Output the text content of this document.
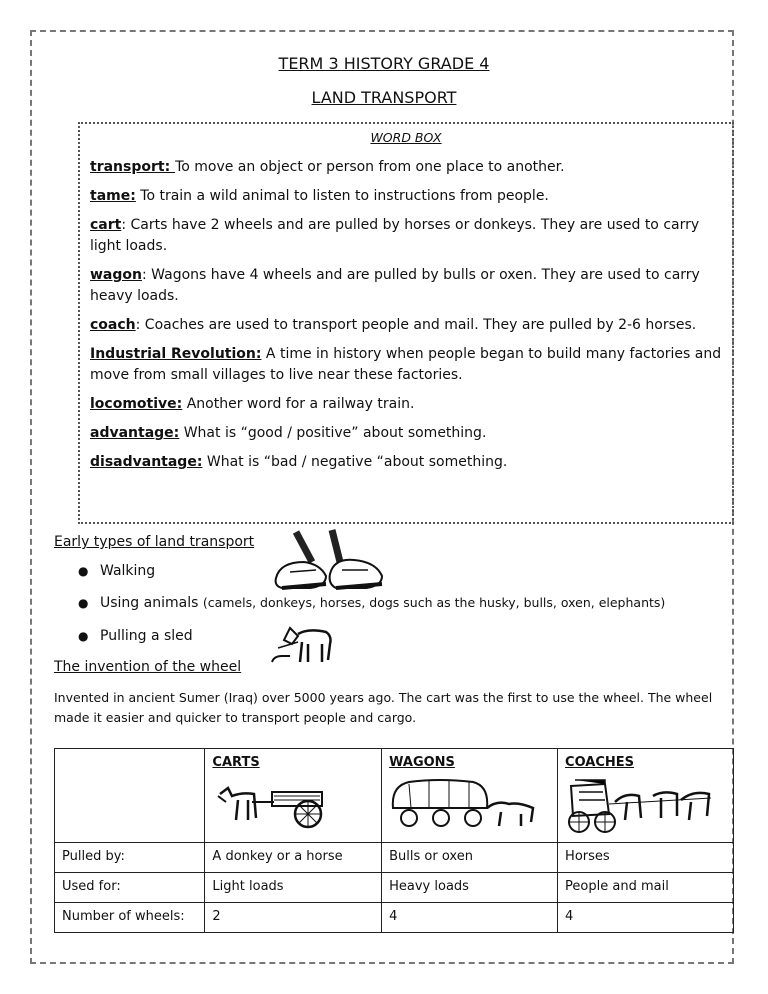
TERM 3 HISTORY GRADE 4
LAND TRANSPORT
WORD BOX

transport: To move an object or person from one place to another.

tame: To train a wild animal to listen to instructions from people.

cart: Carts have 2 wheels and are pulled by horses or donkeys. They are used to carry light loads.

wagon: Wagons have 4 wheels and are pulled by bulls or oxen. They are used to carry heavy loads.

coach: Coaches are used to transport people and mail. They are pulled by 2-6 horses.

Industrial Revolution: A time in history when people began to build many factories and move from small villages to live near these factories.

locomotive: Another word for a railway train.

advantage: What is “good / positive” about something.

disadvantage: What is “bad / negative “about something.

Early types of land transport
● Walking
● Using animals (camels, donkeys, horses, dogs such as the husky, bulls, oxen, elephants)
● Pulling a sled
The invention of the wheel
Invented in ancient Sumer (Iraq) over 5000 years ago. The cart was the first to use the wheel. The wheel made it easier and quicker to transport people and cargo.
	CARTS	WAGONS	COACHES

Pulled by:	A donkey or a horse	Bulls or oxen	Horses
Used for:	Light loads	Heavy loads	People and mail
Number of wheels:	2	4	4
